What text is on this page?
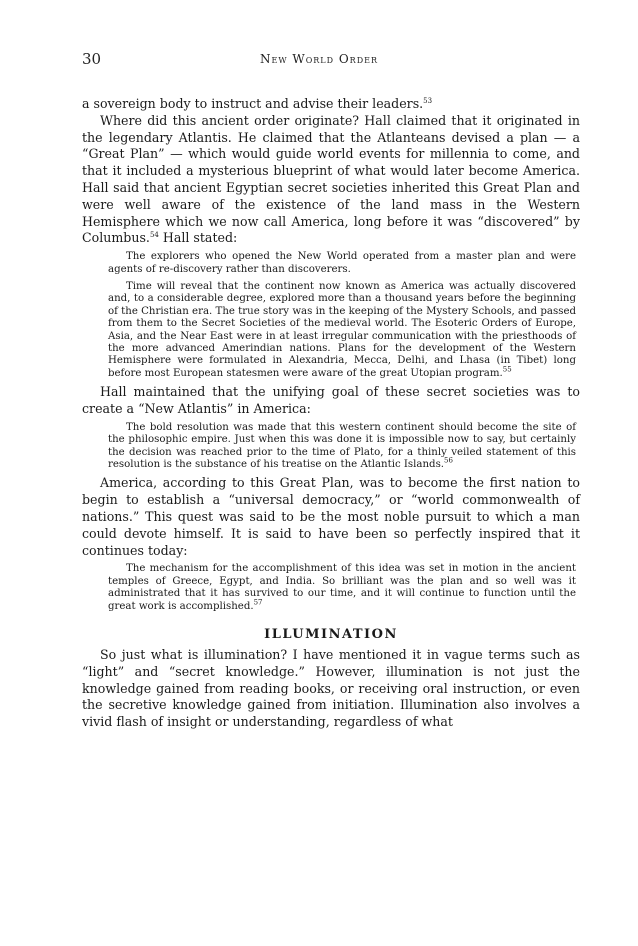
30	New World Order

a sovereign body to instruct and advise their leaders.$^{53}$

Where did this ancient order originate? Hall claimed that it originated in the legendary Atlantis. He claimed that the Atlanteans devised a plan — a “Great Plan” — which would guide world events for millennia to come, and that it included a mysterious blueprint of what would later become America. Hall said that ancient Egyptian secret societies inherited this Great Plan and were well aware of the existence of the land mass in the Western Hemisphere which we now call America, long before it was “discovered” by Columbus.$^{54}$ Hall stated:

The explorers who opened the New World operated from a master plan and were agents of re-discovery rather than discoverers.

Time will reveal that the continent now known as America was actually discovered and, to a considerable degree, explored more than a thousand years before the beginning of the Christian era. The true story was in the keeping of the Mystery Schools, and passed from them to the Secret Societies of the medieval world. The Esoteric Orders of Europe, Asia, and the Near East were in at least irregular communication with the priesthoods of the more advanced Amerindian nations. Plans for the development of the Western Hemisphere were formulated in Alexandria, Mecca, Delhi, and Lhasa (in Tibet) long before most European statesmen were aware of the great Utopian program.$^{55}$

Hall maintained that the unifying goal of these secret societies was to create a “New Atlantis” in America:

The bold resolution was made that this western continent should become the site of the philosophic empire. Just when this was done it is impossible now to say, but certainly the decision was reached prior to the time of Plato, for a thinly veiled statement of this resolution is the substance of his treatise on the Atlantic Islands.$^{56}$

America, according to this Great Plan, was to become the first nation to begin to establish a “universal democracy,” or “world commonwealth of nations.” This quest was said to be the most noble pursuit to which a man could devote himself. It is said to have been so perfectly inspired that it continues today:

The mechanism for the accomplishment of this idea was set in motion in the ancient temples of Greece, Egypt, and India. So brilliant was the plan and so well was it administrated that it has survived to our time, and it will continue to function until the great work is accomplished.$^{57}$

ILLUMINATION

So just what is illumination? I have mentioned it in vague terms such as “light” and “secret knowledge.” However, illumination is not just the knowledge gained from reading books, or receiving oral instruction, or even the secretive knowledge gained from initiation. Illumination also involves a vivid flash of insight or understanding, regardless of what
